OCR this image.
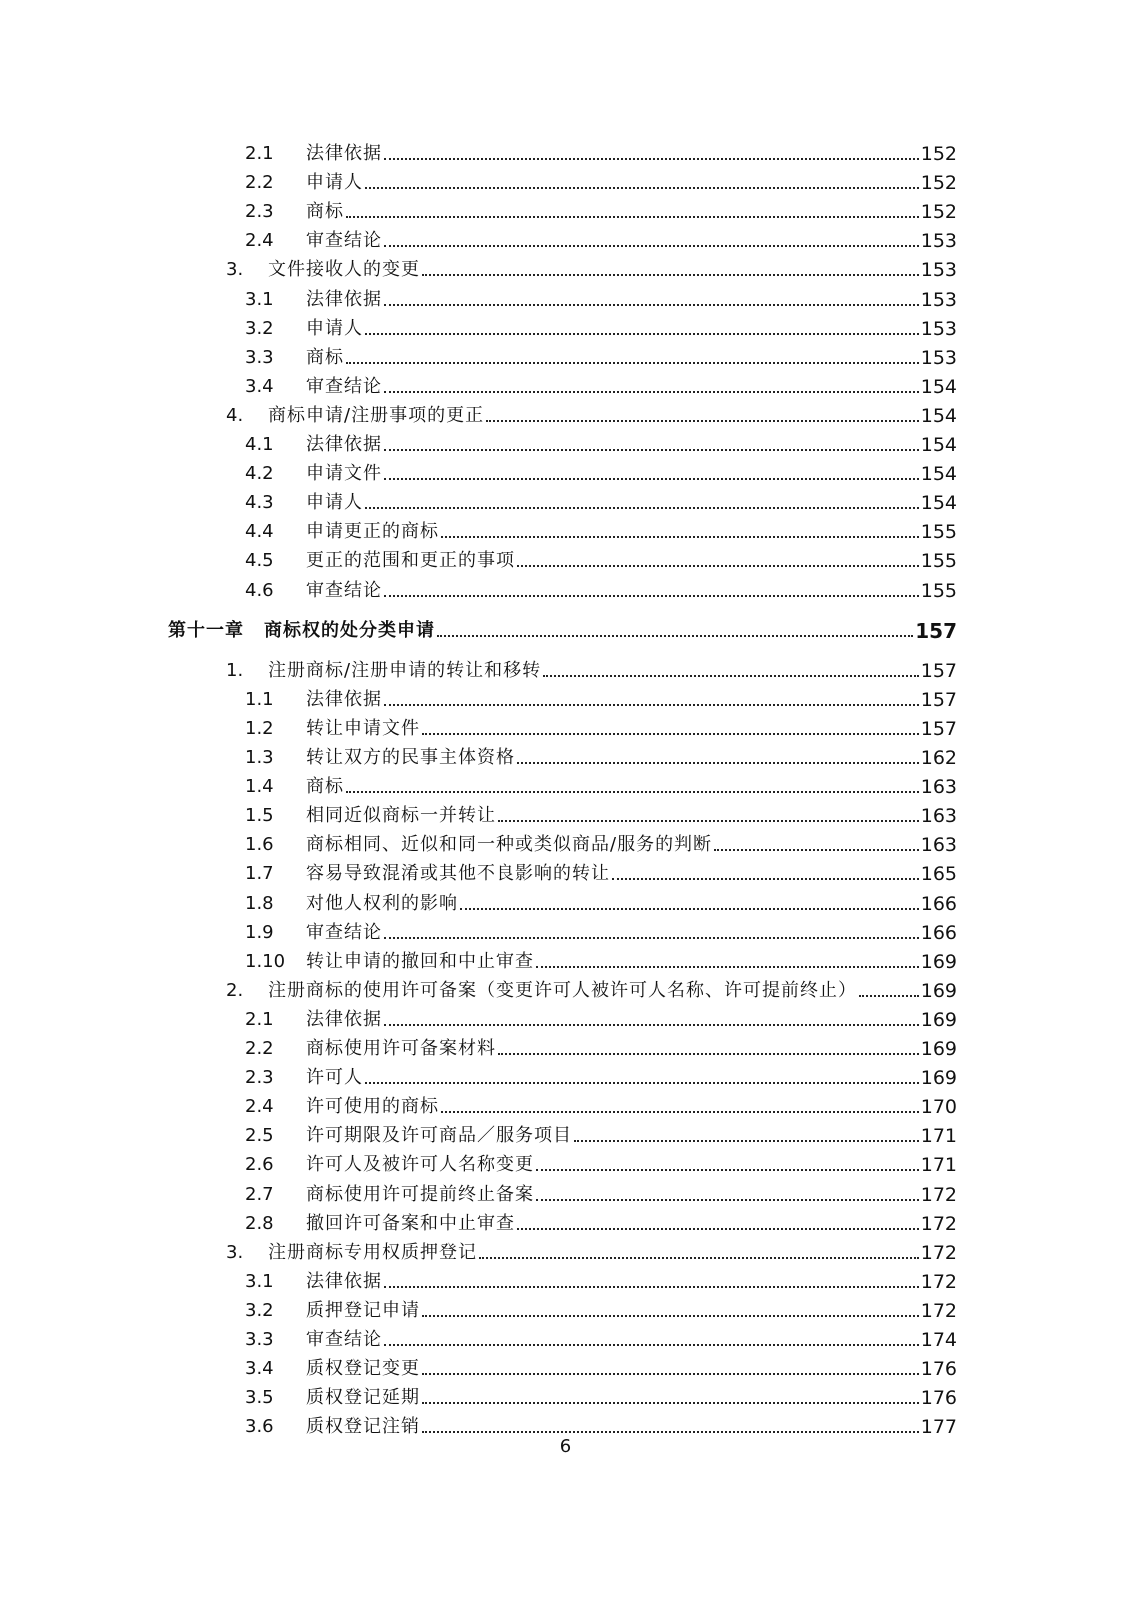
2.1	法律依据	152
2.2	申请人	152
2.3	商标	152
2.4	审查结论	153
3.	文件接收人的变更	153
3.1	法律依据	153
3.2	申请人	153
3.3	商标	153
3.4	审查结论	154
4.	商标申请/注册事项的更正	154
4.1	法律依据	154
4.2	申请文件	154
4.3	申请人	154
4.4	申请更正的商标	155
4.5	更正的范围和更正的事项	155
4.6	审查结论	155
第十一章	商标权的处分类申请	157
1.	注册商标/注册申请的转让和移转	157
1.1	法律依据	157
1.2	转让申请文件	157
1.3	转让双方的民事主体资格	162
1.4	商标	163
1.5	相同近似商标一并转让	163
1.6	商标相同、近似和同一种或类似商品/服务的判断	163
1.7	容易导致混淆或其他不良影响的转让	165
1.8	对他人权利的影响	166
1.9	审查结论	166
1.10	转让申请的撤回和中止审查	169
2.	注册商标的使用许可备案（变更许可人被许可人名称、许可提前终止）	169
2.1	法律依据	169
2.2	商标使用许可备案材料	169
2.3	许可人	169
2.4	许可使用的商标	170
2.5	许可期限及许可商品／服务项目	171
2.6	许可人及被许可人名称变更	171
2.7	商标使用许可提前终止备案	172
2.8	撤回许可备案和中止审查	172
3.	注册商标专用权质押登记	172
3.1	法律依据	172
3.2	质押登记申请	172
3.3	审查结论	174
3.4	质权登记变更	176
3.5	质权登记延期	176
3.6	质权登记注销	177
6
